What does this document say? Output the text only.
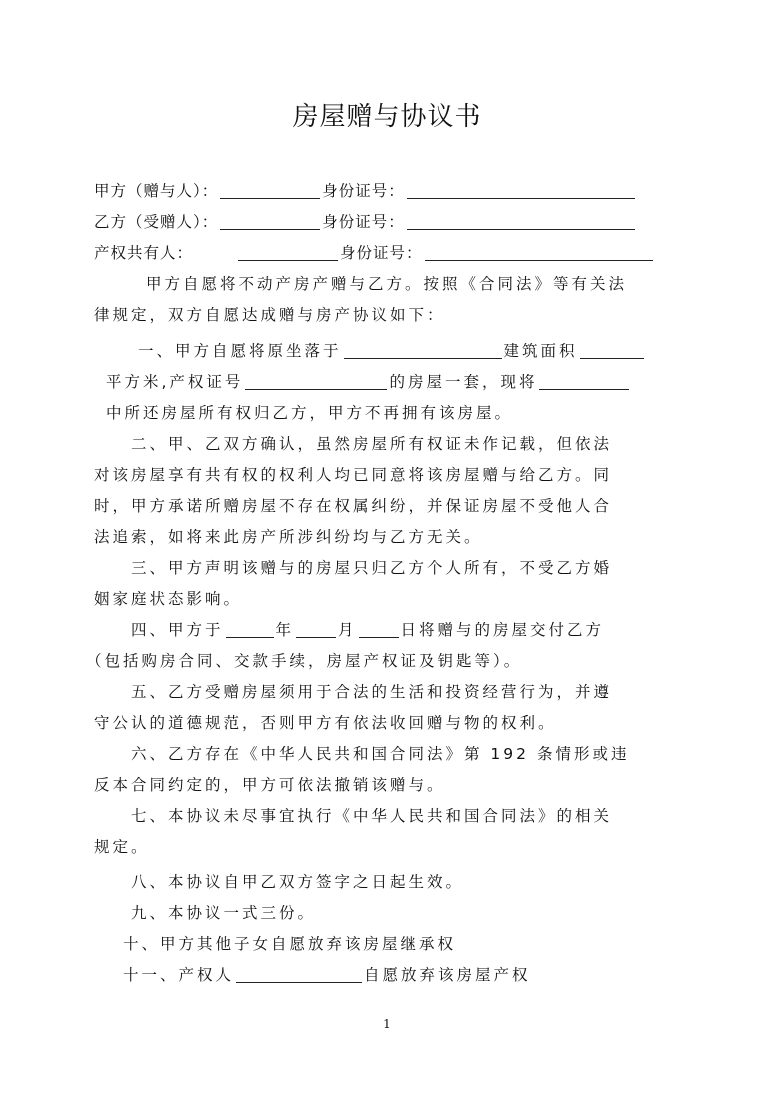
房屋赠与协议书
甲方（赠与人）：	身份证号：
乙方（受赠人）：	身份证号：
产权共有人：	身份证号：
甲方自愿将不动产房产赠与乙方。按照《合同法》等有关法
律规定，双方自愿达成赠与房产协议如下：
一、甲方自愿将原坐落于	建筑面积
平方米,产权证号	的房屋一套，现将
中所还房屋所有权归乙方，甲方不再拥有该房屋。
二、甲、乙双方确认，虽然房屋所有权证未作记载，但依法
对该房屋享有共有权的权利人均已同意将该房屋赠与给乙方。同
时，甲方承诺所赠房屋不存在权属纠纷，并保证房屋不受他人合
法追索，如将来此房产所涉纠纷均与乙方无关。
三、甲方声明该赠与的房屋只归乙方个人所有，不受乙方婚
姻家庭状态影响。
四、甲方于	年	月	日将赠与的房屋交付乙方
（包括购房合同、交款手续，房屋产权证及钥匙等）。
五、乙方受赠房屋须用于合法的生活和投资经营行为，并遵
守公认的道德规范，否则甲方有依法收回赠与物的权利。
六、乙方存在《中华人民共和国合同法》第 192 条情形或违
反本合同约定的，甲方可依法撤销该赠与。
七、本协议未尽事宜执行《中华人民共和国合同法》的相关
规定。
八、本协议自甲乙双方签字之日起生效。
九、本协议一式三份。
十、甲方其他子女自愿放弃该房屋继承权
十一、产权人	自愿放弃该房屋产权
1
